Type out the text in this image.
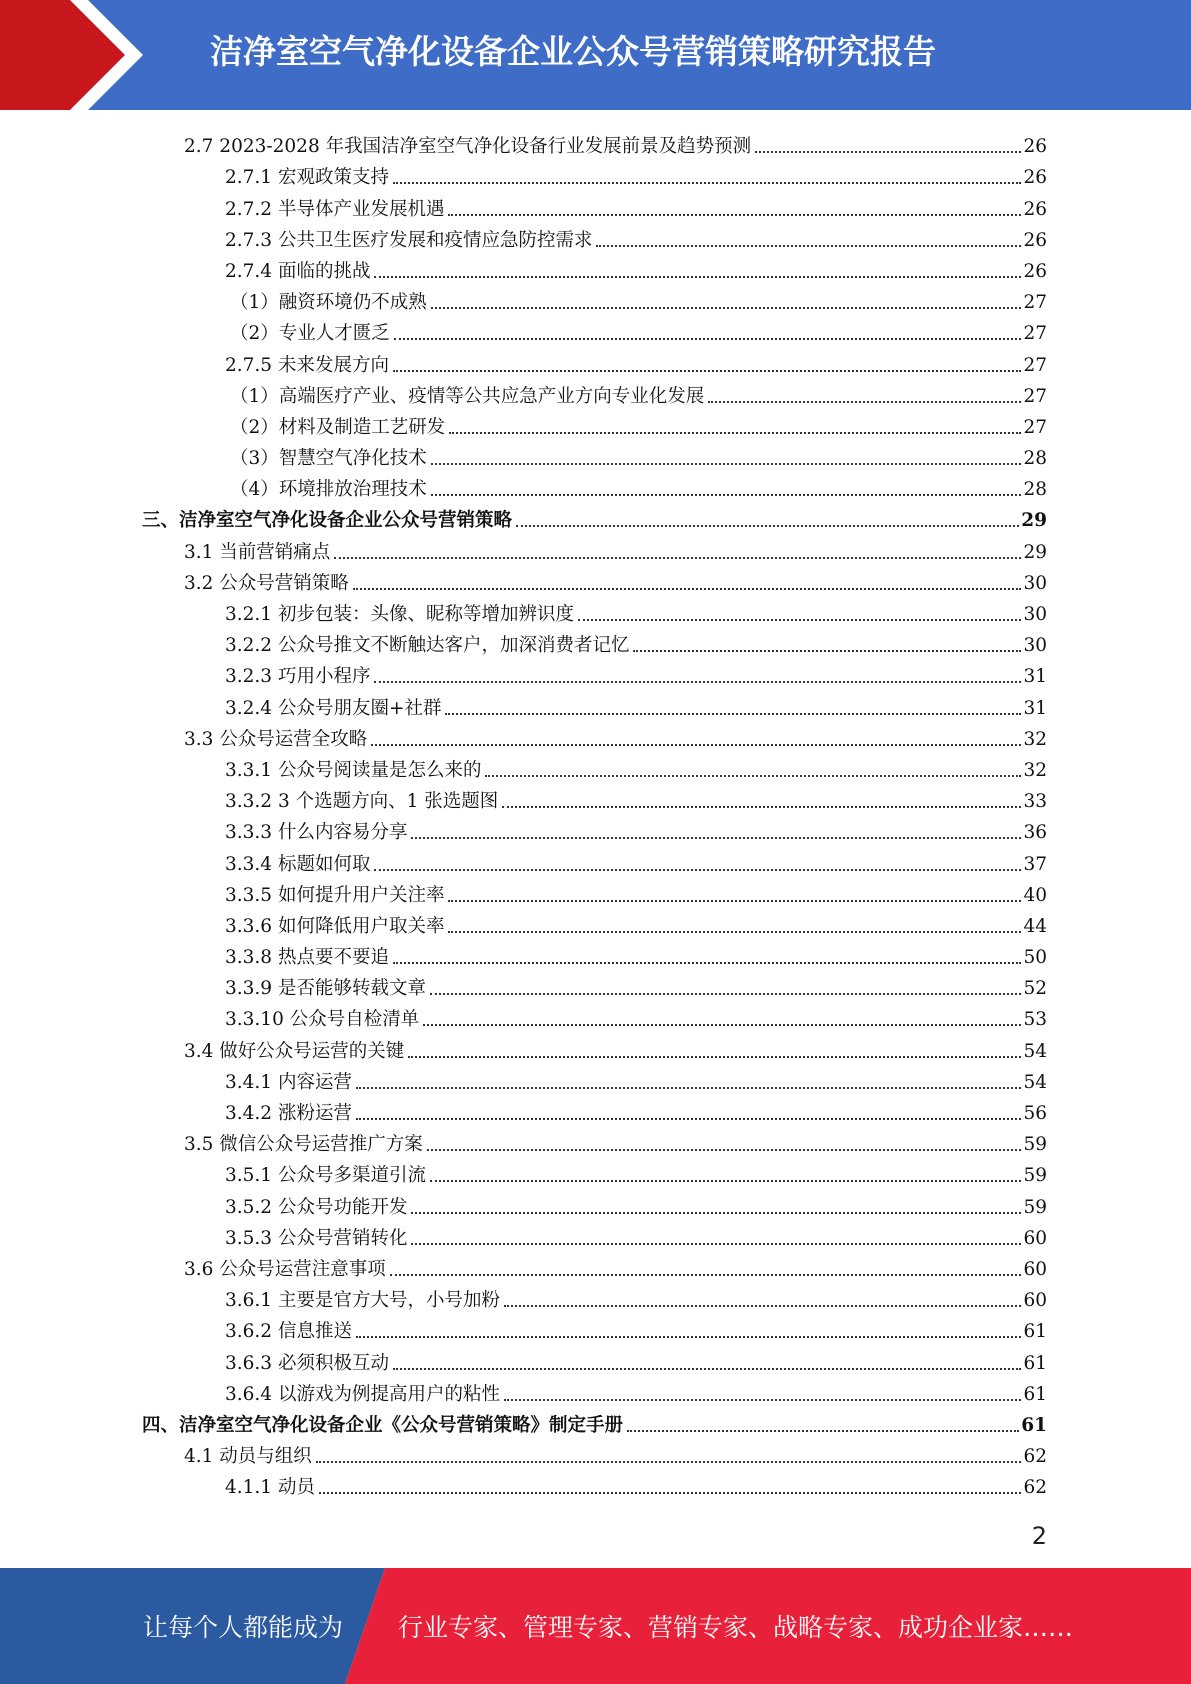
洁净室空气净化设备企业公众号营销策略研究报告
2.7 2023-2028 年我国洁净室空气净化设备行业发展前景及趋势预测	26
2.7.1 宏观政策支持	26
2.7.2 半导体产业发展机遇	26
2.7.3 公共卫生医疗发展和疫情应急防控需求	26
2.7.4 面临的挑战	26
（1）融资环境仍不成熟	27
（2）专业人才匮乏	27
2.7.5 未来发展方向	27
（1）高端医疗产业、疫情等公共应急产业方向专业化发展	27
（2）材料及制造工艺研发	27
（3）智慧空气净化技术	28
（4）环境排放治理技术	28
三、洁净室空气净化设备企业公众号营销策略	29
3.1 当前营销痛点	29
3.2 公众号营销策略	30
3.2.1 初步包装：头像、昵称等增加辨识度	30
3.2.2 公众号推文不断触达客户，加深消费者记忆	30
3.2.3 巧用小程序	31
3.2.4 公众号朋友圈+社群	31
3.3 公众号运营全攻略	32
3.3.1 公众号阅读量是怎么来的	32
3.3.2 3 个选题方向、1 张选题图	33
3.3.3 什么内容易分享	36
3.3.4 标题如何取	37
3.3.5 如何提升用户关注率	40
3.3.6 如何降低用户取关率	44
3.3.8 热点要不要追	50
3.3.9 是否能够转载文章	52
3.3.10 公众号自检清单	53
3.4 做好公众号运营的关键	54
3.4.1 内容运营	54
3.4.2 涨粉运营	56
3.5 微信公众号运营推广方案	59
3.5.1 公众号多渠道引流	59
3.5.2 公众号功能开发	59
3.5.3 公众号营销转化	60
3.6 公众号运营注意事项	60
3.6.1 主要是官方大号，小号加粉	60
3.6.2 信息推送	61
3.6.3 必须积极互动	61
3.6.4 以游戏为例提高用户的粘性	61
四、洁净室空气净化设备企业《公众号营销策略》制定手册	61
4.1 动员与组织	62
4.1.1 动员	62
2
让每个人都能成为 行业专家、管理专家、营销专家、战略专家、成功企业家……
